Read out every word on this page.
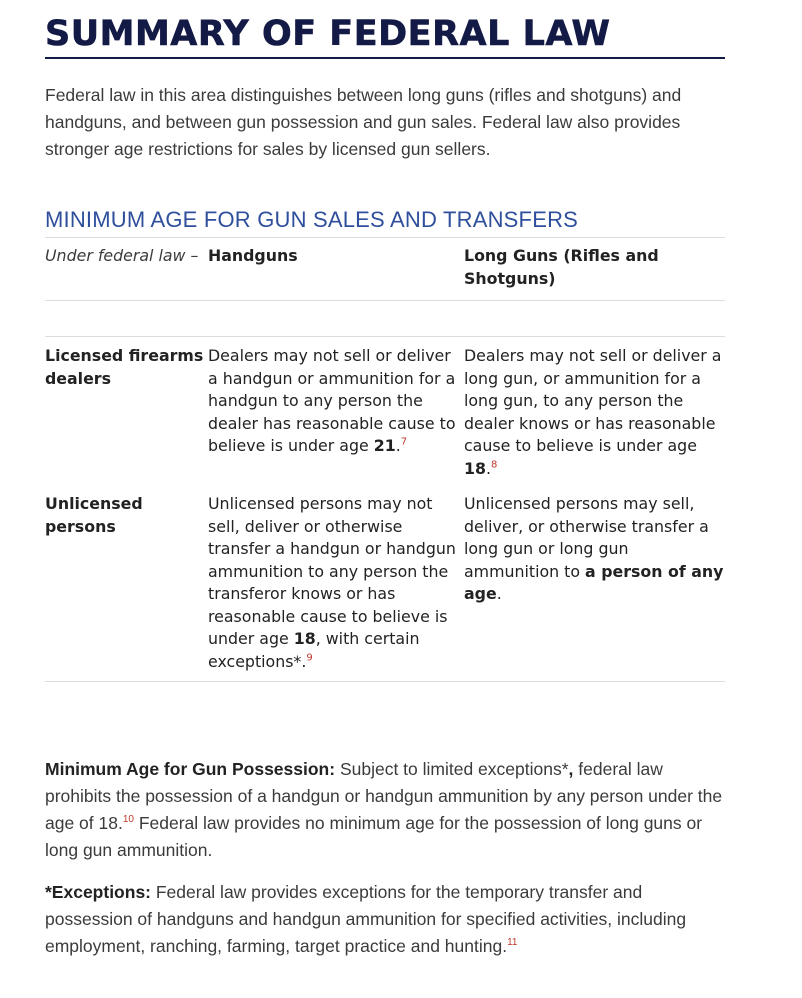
SUMMARY OF FEDERAL LAW

Federal law in this area distinguishes between long guns (rifles and shotguns) and handguns, and between gun possession and gun sales. Federal law also provides stronger age restrictions for sales by licensed gun sellers.

MINIMUM AGE FOR GUN SALES AND TRANSFERS
Under federal law –	Handguns	Long Guns (Rifles and Shotguns)

Licensed firearms dealers	Dealers may not sell or deliver a handgun or ammunition for a handgun to any person the dealer has reasonable cause to believe is under age 21.$^7$	Dealers may not sell or deliver a long gun, or ammunition for a long gun, to any person the dealer knows or has reasonable cause to believe is under age 18.$^8$
Unlicensed persons	Unlicensed persons may not sell, deliver or otherwise transfer a handgun or handgun ammunition to any person the transferor knows or has reasonable cause to believe is under age 18, with certain exceptions*.$^9$	Unlicensed persons may sell, deliver, or otherwise transfer a long gun or long gun ammunition to a person of any age.

Minimum Age for Gun Possession: Subject to limited exceptions*, federal law prohibits the possession of a handgun or handgun ammunition by any person under the age of 18.10 Federal law provides no minimum age for the possession of long guns or long gun ammunition.

*Exceptions: Federal law provides exceptions for the temporary transfer and possession of handguns and handgun ammunition for specified activities, including employment, ranching, farming, target practice and hunting.$^{11}$
